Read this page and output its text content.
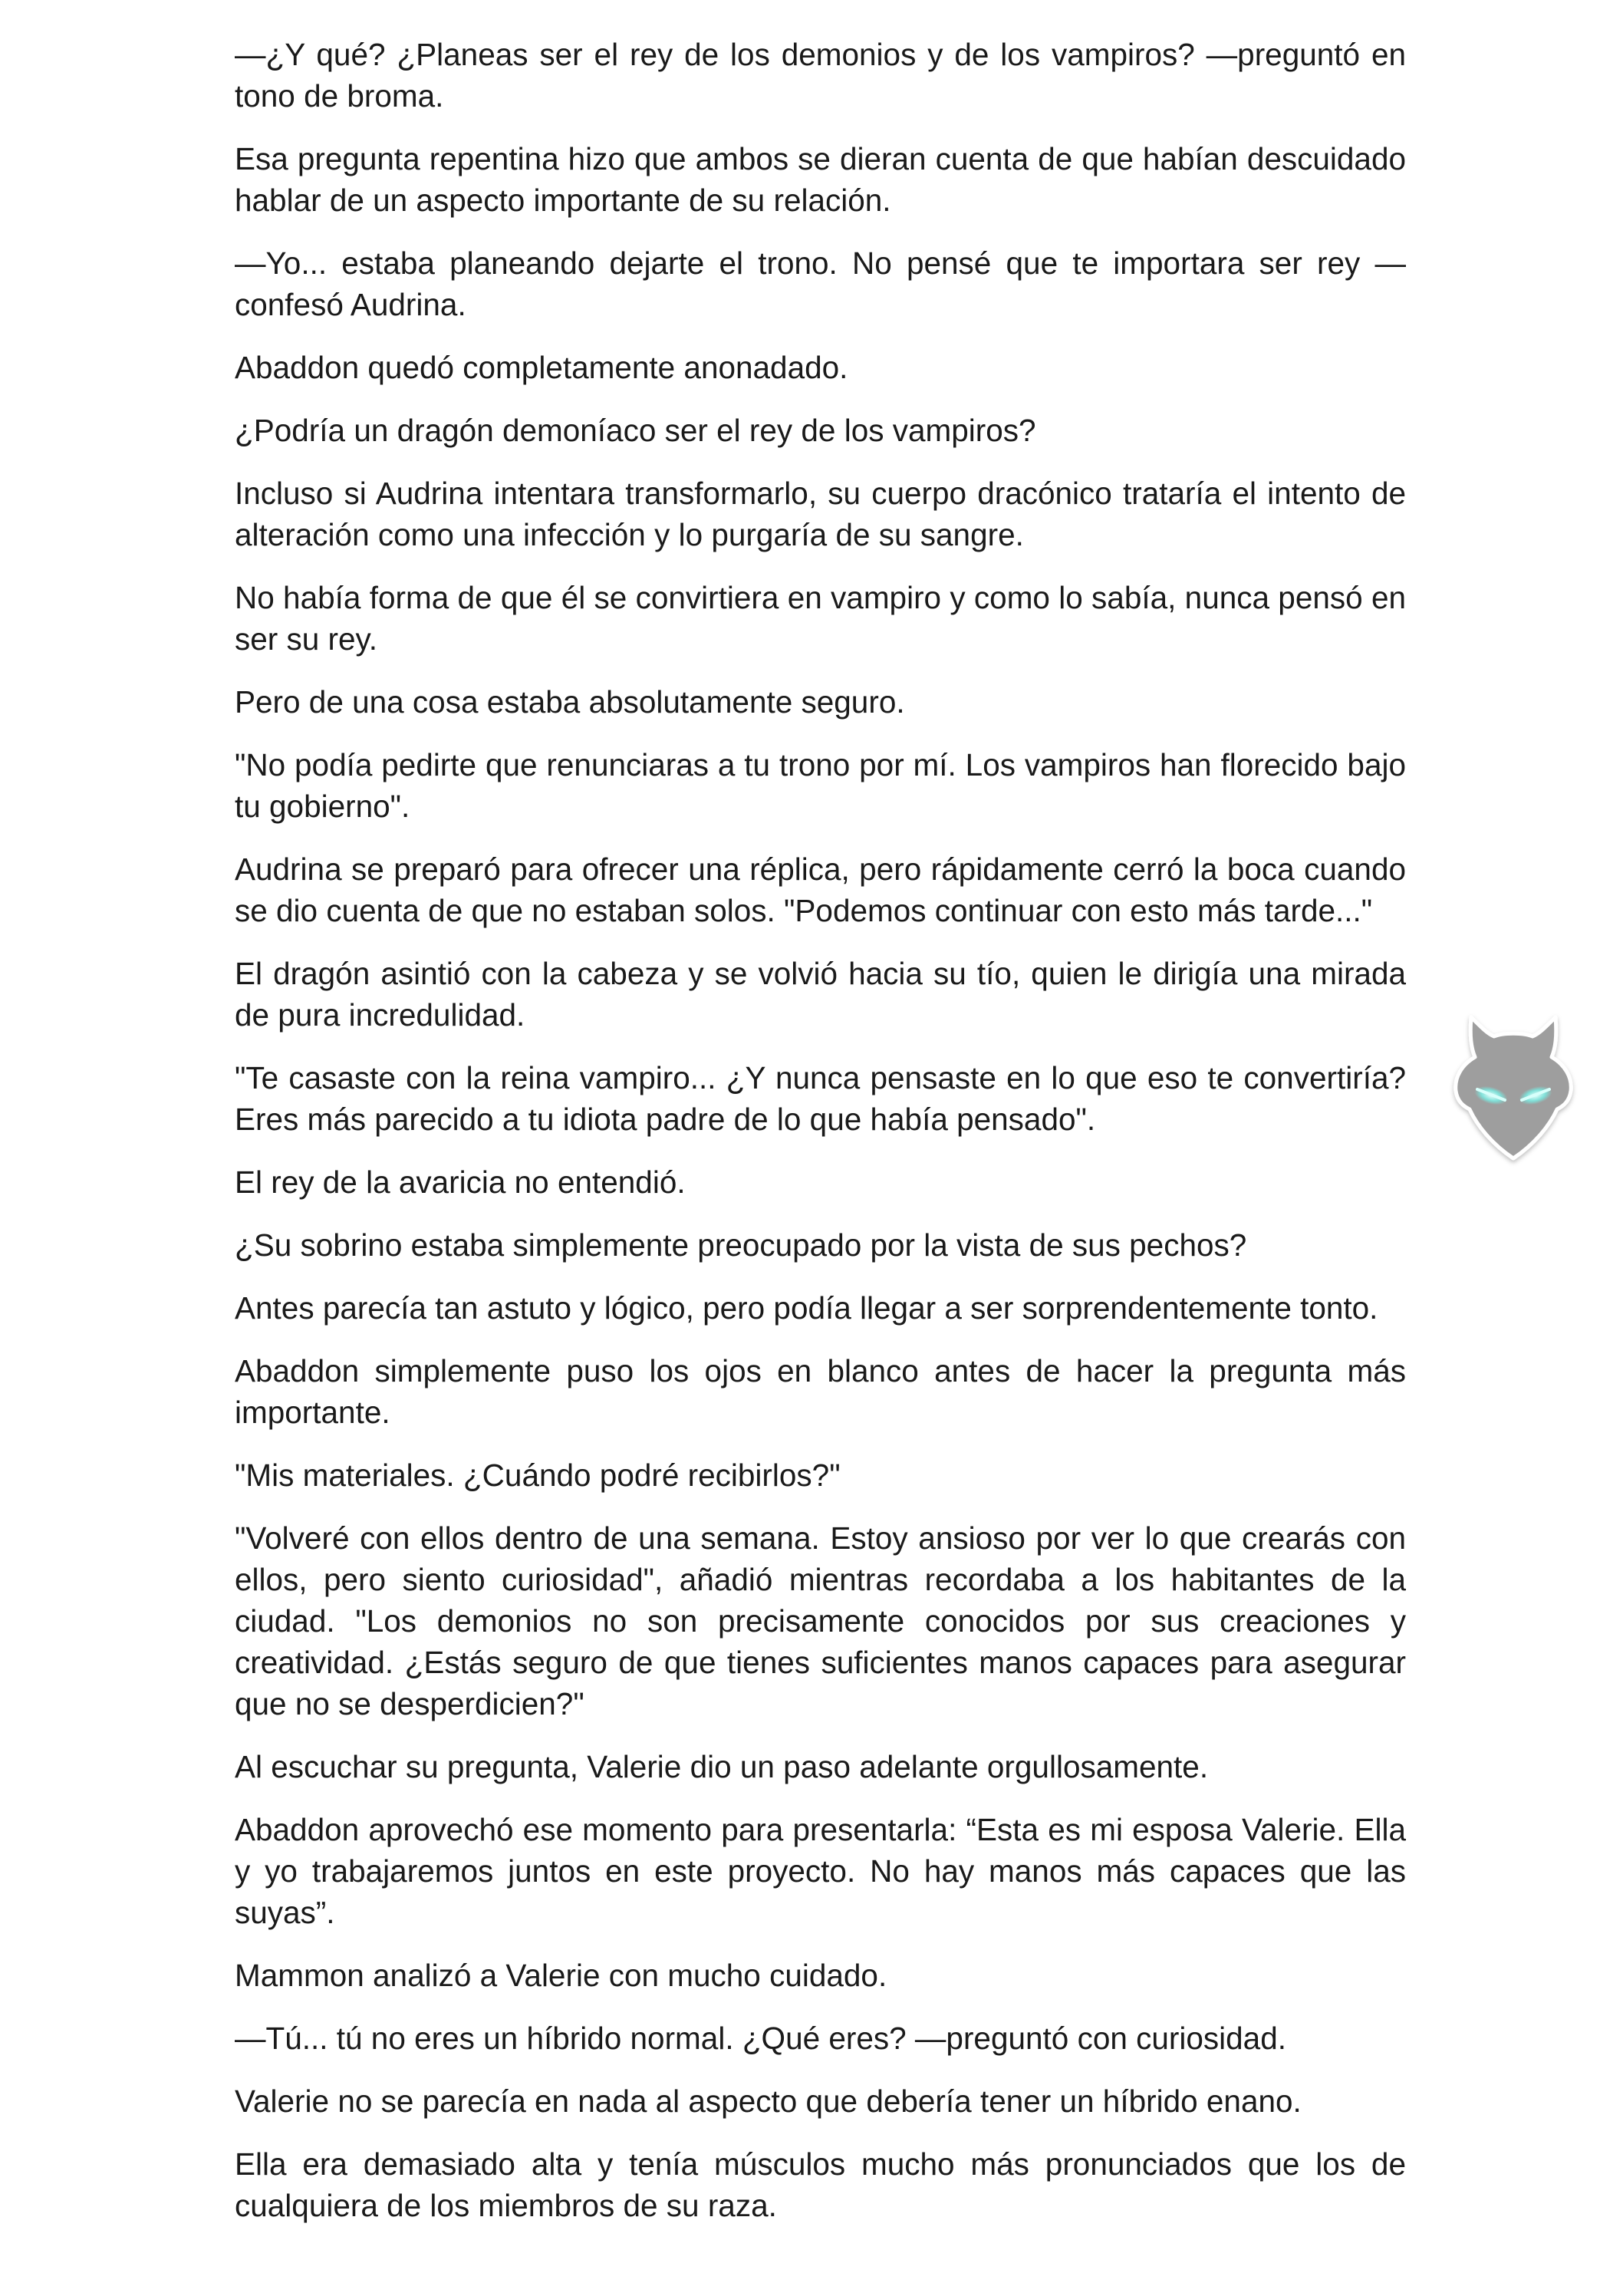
—¿Y qué? ¿Planeas ser el rey de los demonios y de los vampiros? —preguntó en tono de broma.

Esa pregunta repentina hizo que ambos se dieran cuenta de que habían descuidado hablar de un aspecto importante de su relación.

—Yo... estaba planeando dejarte el trono. No pensé que te importara ser rey —confesó Audrina.

Abaddon quedó completamente anonadado.

¿Podría un dragón demoníaco ser el rey de los vampiros?

Incluso si Audrina intentara transformarlo, su cuerpo dracónico trataría el intento de alteración como una infección y lo purgaría de su sangre.

No había forma de que él se convirtiera en vampiro y como lo sabía, nunca pensó en ser su rey.

Pero de una cosa estaba absolutamente seguro.

"No podía pedirte que renunciaras a tu trono por mí. Los vampiros han florecido bajo tu gobierno".

Audrina se preparó para ofrecer una réplica, pero rápidamente cerró la boca cuando se dio cuenta de que no estaban solos. "Podemos continuar con esto más tarde..."

El dragón asintió con la cabeza y se volvió hacia su tío, quien le dirigía una mirada de pura incredulidad.

"Te casaste con la reina vampiro... ¿Y nunca pensaste en lo que eso te convertiría? Eres más parecido a tu idiota padre de lo que había pensado".

El rey de la avaricia no entendió.

¿Su sobrino estaba simplemente preocupado por la vista de sus pechos?

Antes parecía tan astuto y lógico, pero podía llegar a ser sorprendentemente tonto.

Abaddon simplemente puso los ojos en blanco antes de hacer la pregunta más importante.

"Mis materiales. ¿Cuándo podré recibirlos?"

"Volveré con ellos dentro de una semana. Estoy ansioso por ver lo que crearás con ellos, pero siento curiosidad", añadió mientras recordaba a los habitantes de la ciudad. "Los demonios no son precisamente conocidos por sus creaciones y creatividad. ¿Estás seguro de que tienes suficientes manos capaces para asegurar que no se desperdicien?"

Al escuchar su pregunta, Valerie dio un paso adelante orgullosamente.

Abaddon aprovechó ese momento para presentarla: “Esta es mi esposa Valerie. Ella y yo trabajaremos juntos en este proyecto. No hay manos más capaces que las suyas”.

Mammon analizó a Valerie con mucho cuidado.

—Tú... tú no eres un híbrido normal. ¿Qué eres? —preguntó con curiosidad.

Valerie no se parecía en nada al aspecto que debería tener un híbrido enano.

Ella era demasiado alta y tenía músculos mucho más pronunciados que los de cualquiera de los miembros de su raza.
